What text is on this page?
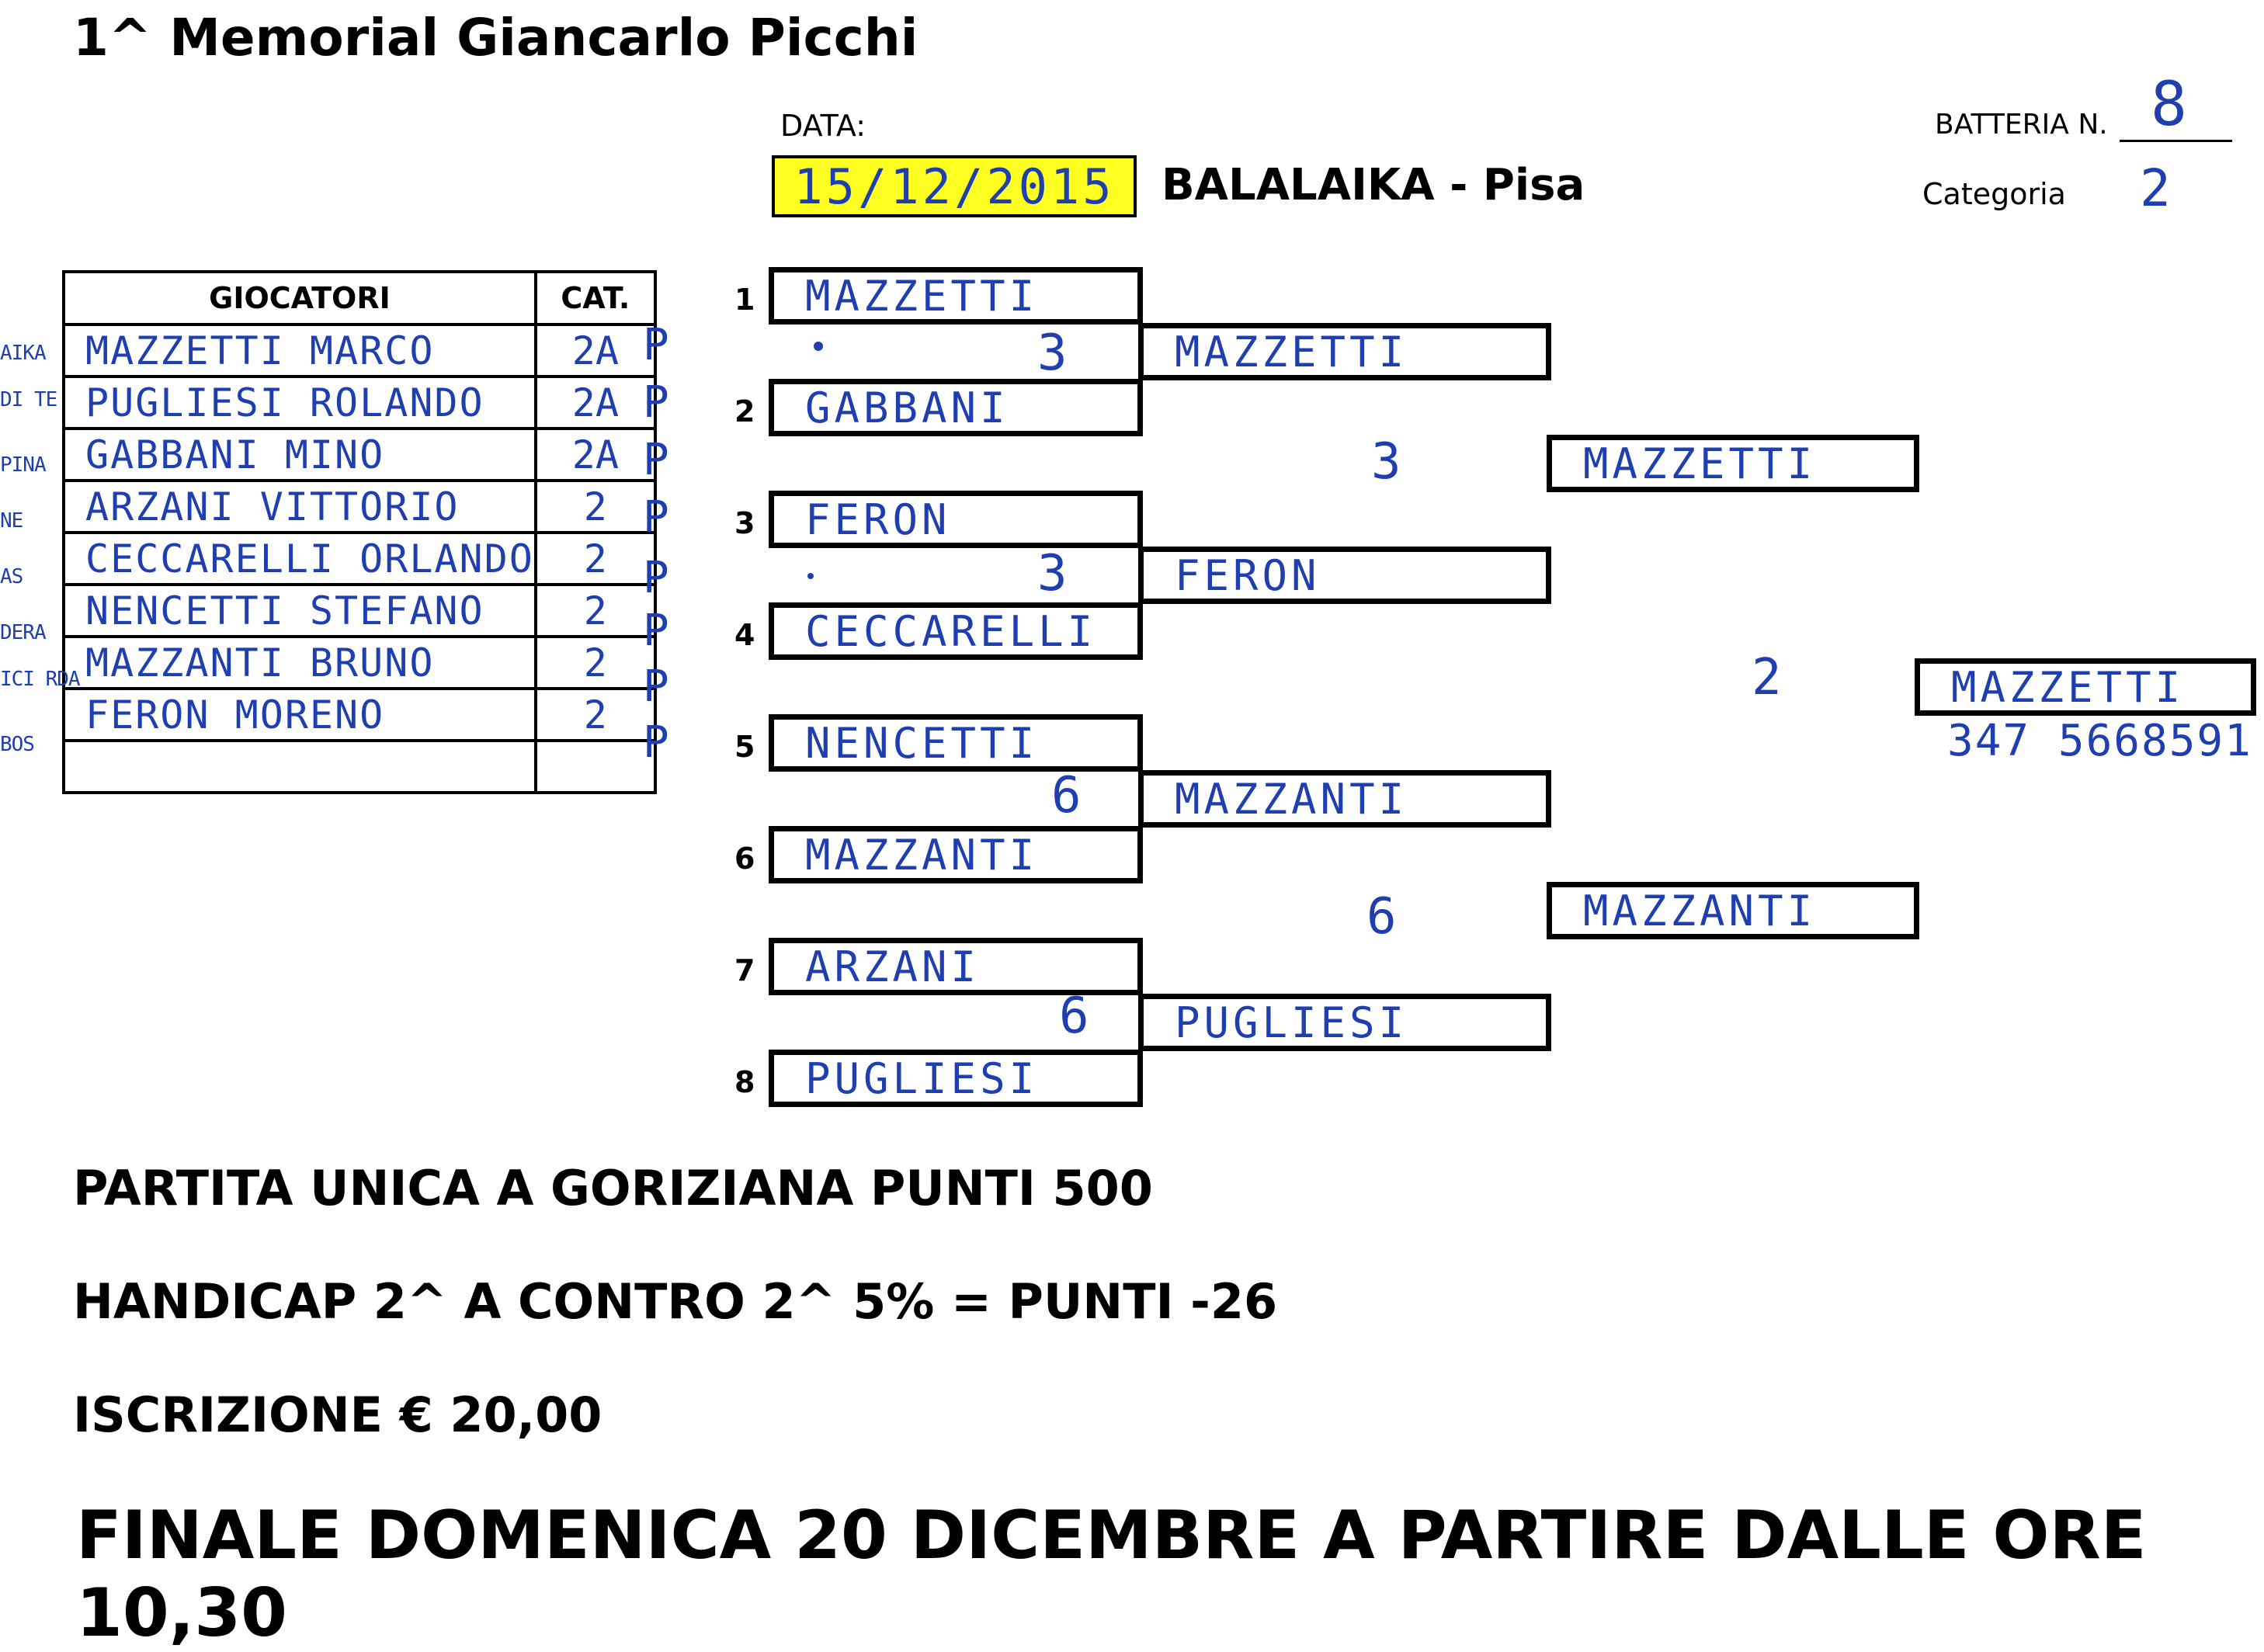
1^ Memorial Giancarlo Picchi
DATA:
15/12/2015 BALALAIKA - Pisa
BATTERIA N. 8
Categoria 2
GIOCATORI	CAT.
MAZZETTI MARCO	2A
PUGLIESI ROLANDO	2A
GABBANI MINO	2A
ARZANI VITTORIO	2
CECCARELLI ORLANDO	2
NENCETTI STEFANO	2
MAZZANTI BRUNO	2
FERON MORENO	2

AIKA
DI TE
PINA
NE
AS
DERA
ICI RDA
BOS
P
P
P
P
P
P
P
P
1	MAZZETTI
2	GABBANI
3	FERON
4	CECCARELLI
5	NENCETTI
6	MAZZANTI
7	ARZANI
8	PUGLIESI
3
3
6
6
MAZZETTI
FERON
MAZZANTI
PUGLIESI
3
6
MAZZETTI
MAZZANTI
2	MAZZETTI
347 5668591
PARTITA UNICA A GORIZIANA PUNTI 500
HANDICAP 2^ A CONTRO 2^ 5% = PUNTI -26
ISCRIZIONE € 20,00
FINALE DOMENICA 20 DICEMBRE A PARTIRE DALLE ORE 10,30
